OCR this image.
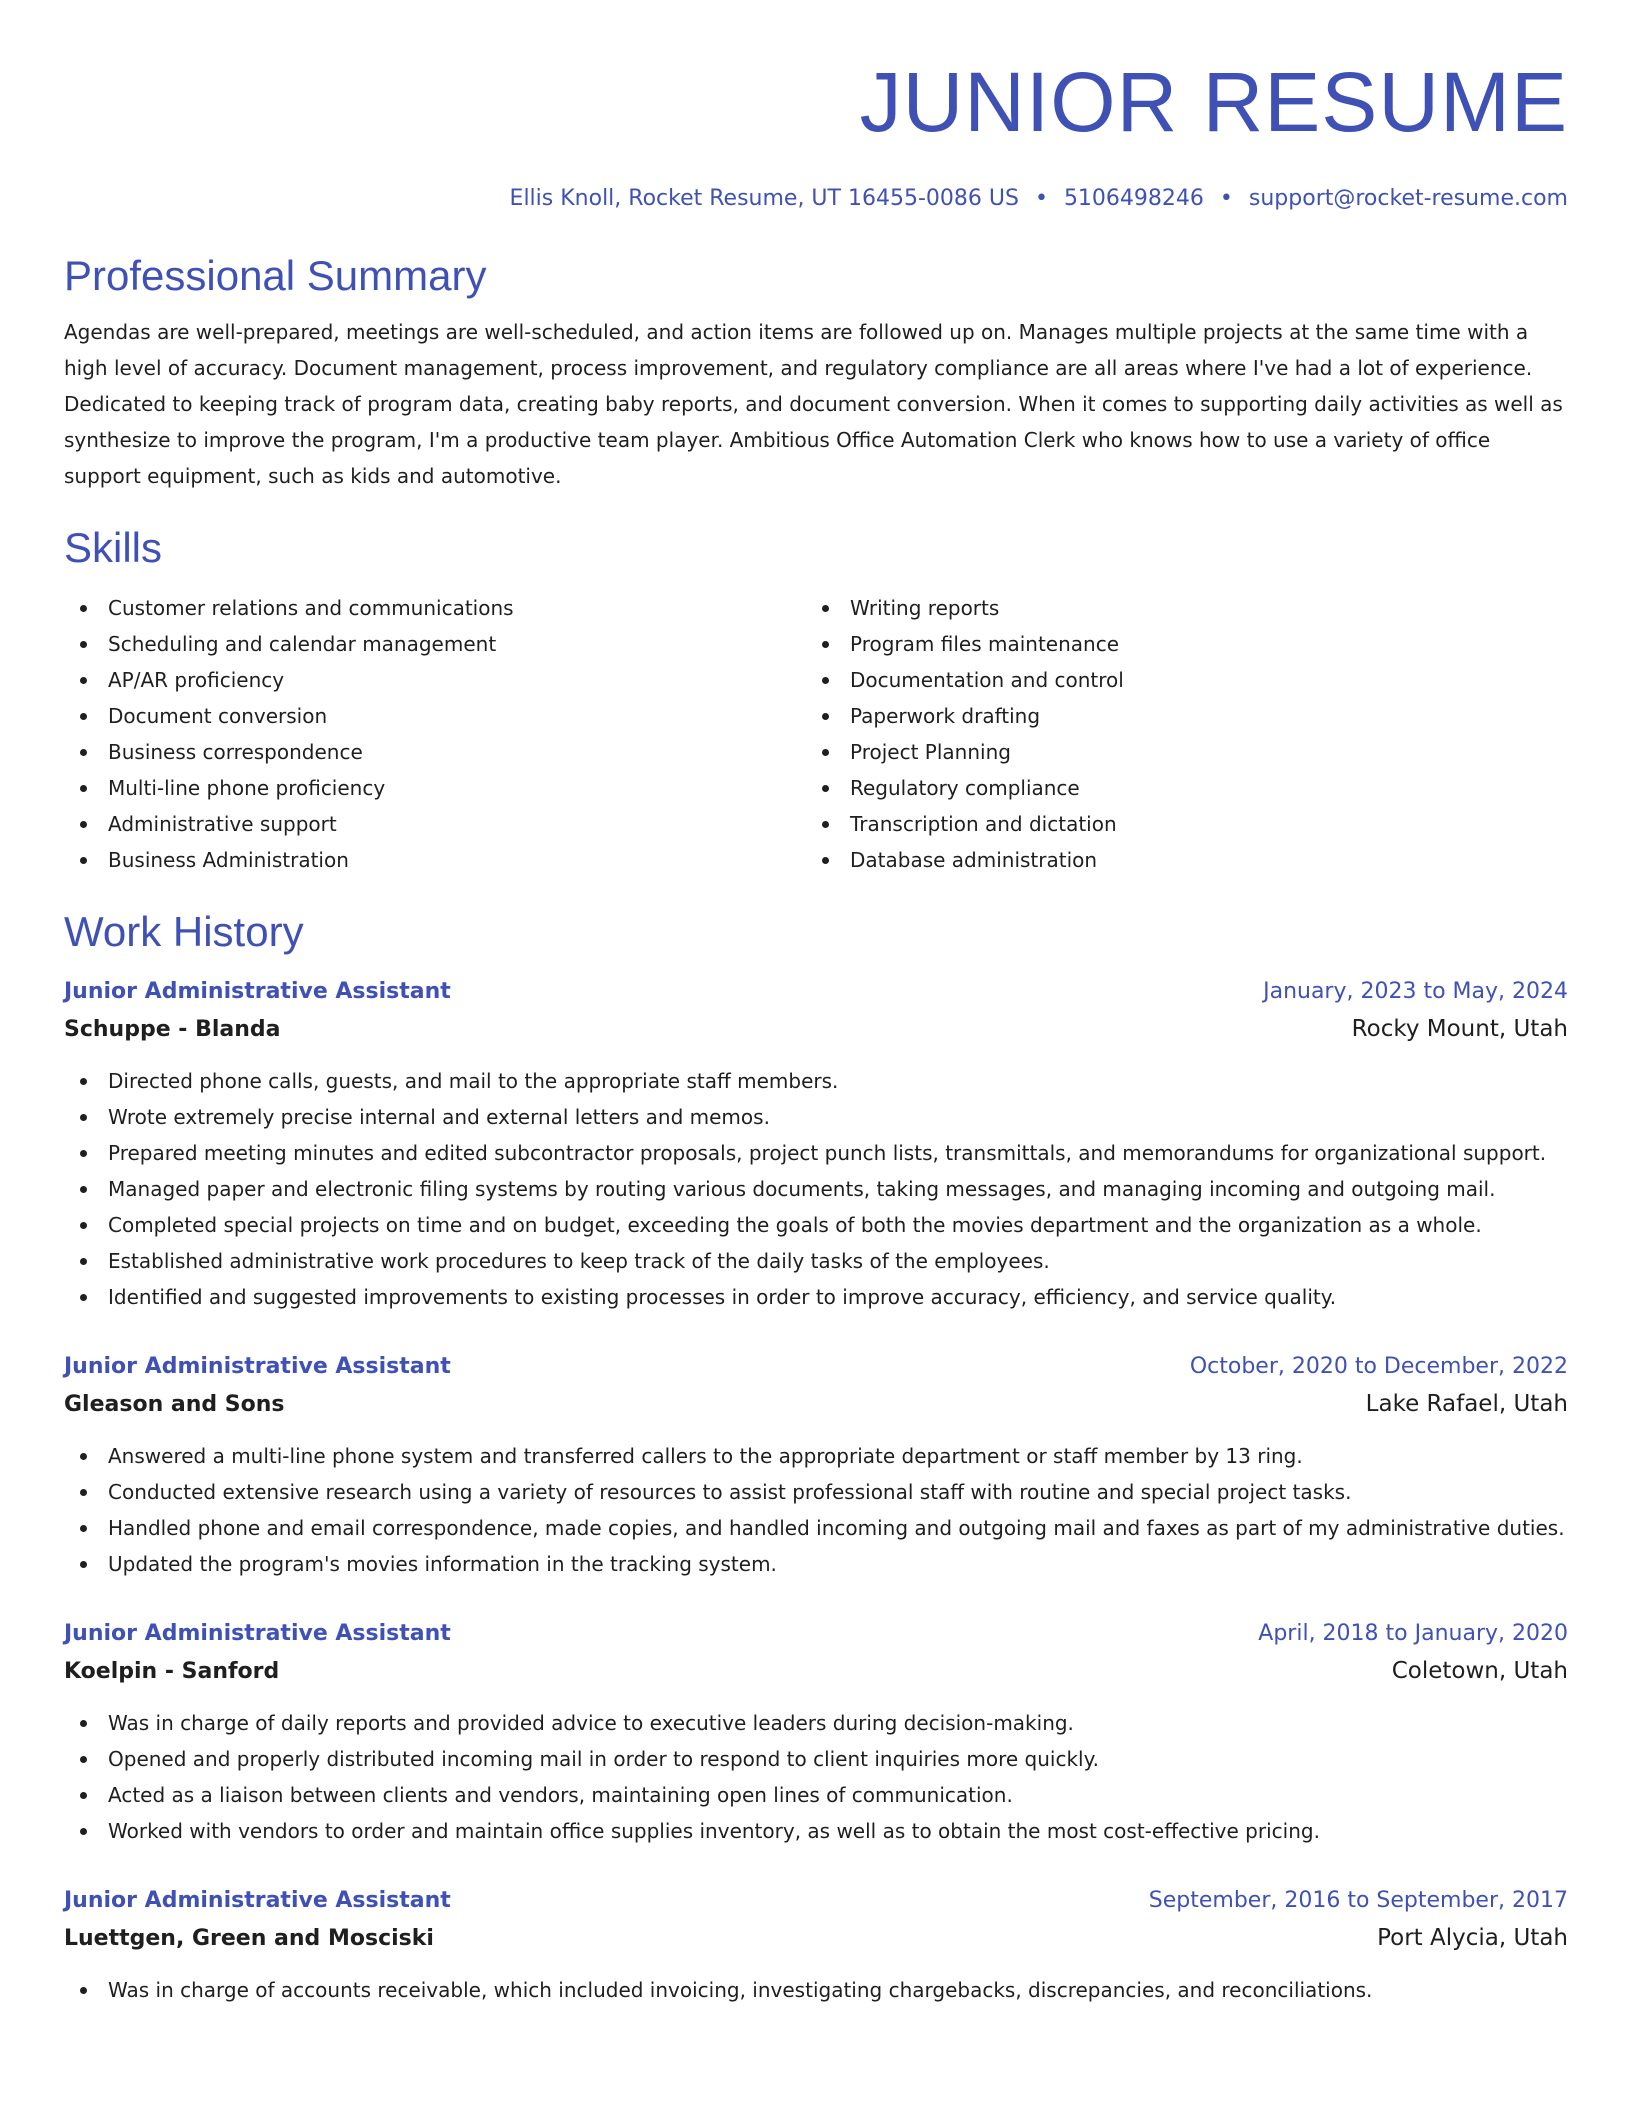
JUNIOR RESUME
Ellis Knoll, Rocket Resume, UT 16455-0086 US • 5106498246 • support@rocket-resume.com
Professional Summary
Agendas are well-prepared, meetings are well-scheduled, and action items are followed up on. Manages multiple projects at the same time with a high level of accuracy. Document management, process improvement, and regulatory compliance are all areas where I've had a lot of experience. Dedicated to keeping track of program data, creating baby reports, and document conversion. When it comes to supporting daily activities as well as synthesize to improve the program, I'm a productive team player. Ambitious Office Automation Clerk who knows how to use a variety of office support equipment, such as kids and automotive.
Skills
Customer relations and communications
Scheduling and calendar management
AP/AR proficiency
Document conversion
Business correspondence
Multi-line phone proficiency
Administrative support
Business Administration
Writing reports
Program files maintenance
Documentation and control
Paperwork drafting
Project Planning
Regulatory compliance
Transcription and dictation
Database administration
Work History
Junior Administrative Assistant	January, 2023 to May, 2024
Schuppe - Blanda	Rocky Mount, Utah
Directed phone calls, guests, and mail to the appropriate staff members.
Wrote extremely precise internal and external letters and memos.
Prepared meeting minutes and edited subcontractor proposals, project punch lists, transmittals, and memorandums for organizational support.
Managed paper and electronic filing systems by routing various documents, taking messages, and managing incoming and outgoing mail.
Completed special projects on time and on budget, exceeding the goals of both the movies department and the organization as a whole.
Established administrative work procedures to keep track of the daily tasks of the employees.
Identified and suggested improvements to existing processes in order to improve accuracy, efficiency, and service quality.
Junior Administrative Assistant	October, 2020 to December, 2022
Gleason and Sons	Lake Rafael, Utah
Answered a multi-line phone system and transferred callers to the appropriate department or staff member by 13 ring.
Conducted extensive research using a variety of resources to assist professional staff with routine and special project tasks.
Handled phone and email correspondence, made copies, and handled incoming and outgoing mail and faxes as part of my administrative duties.
Updated the program's movies information in the tracking system.
Junior Administrative Assistant	April, 2018 to January, 2020
Koelpin - Sanford	Coletown, Utah
Was in charge of daily reports and provided advice to executive leaders during decision-making.
Opened and properly distributed incoming mail in order to respond to client inquiries more quickly.
Acted as a liaison between clients and vendors, maintaining open lines of communication.
Worked with vendors to order and maintain office supplies inventory, as well as to obtain the most cost-effective pricing.
Junior Administrative Assistant	September, 2016 to September, 2017
Luettgen, Green and Mosciski	Port Alycia, Utah
Was in charge of accounts receivable, which included invoicing, investigating chargebacks, discrepancies, and reconciliations.
